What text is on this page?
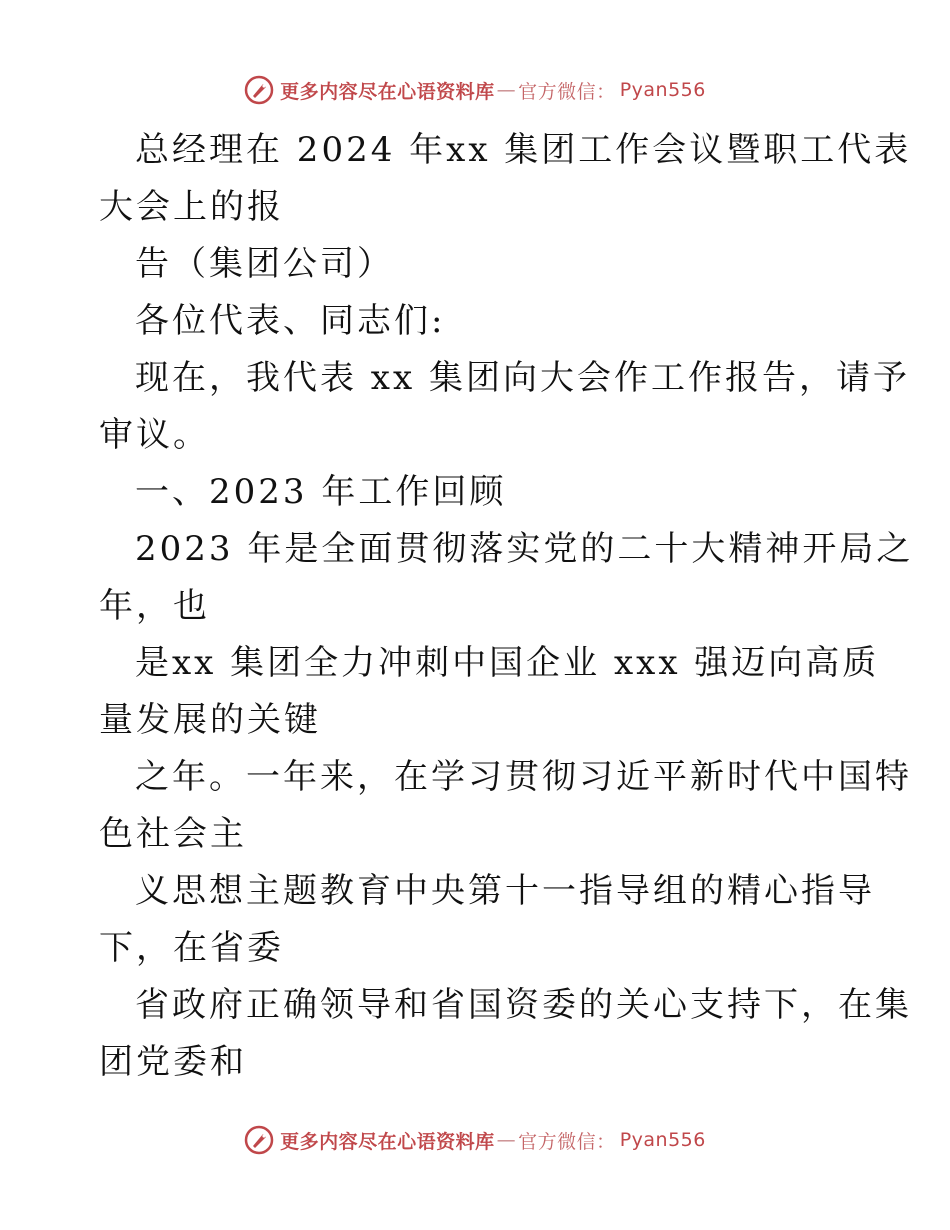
更多内容尽在心语资料库 — 官方微信： Pyan556
总经理在 2024 年xx 集团工作会议暨职工代表
大会上的报
告（集团公司）
各位代表、同志们:
现在，我代表 xx 集团向大会作工作报告，请予
审议。
一、2023 年工作回顾
2023 年是全面贯彻落实党的二十大精神开局之
年，也
是xx 集团全力冲刺中国企业 xxx 强迈向高质
量发展的关键
之年。一年来，在学习贯彻习近平新时代中国特
色社会主
义思想主题教育中央第十一指导组的精心指导
下，在省委
省政府正确领导和省国资委的关心支持下，在集
团党委和
更多内容尽在心语资料库 — 官方微信： Pyan556
